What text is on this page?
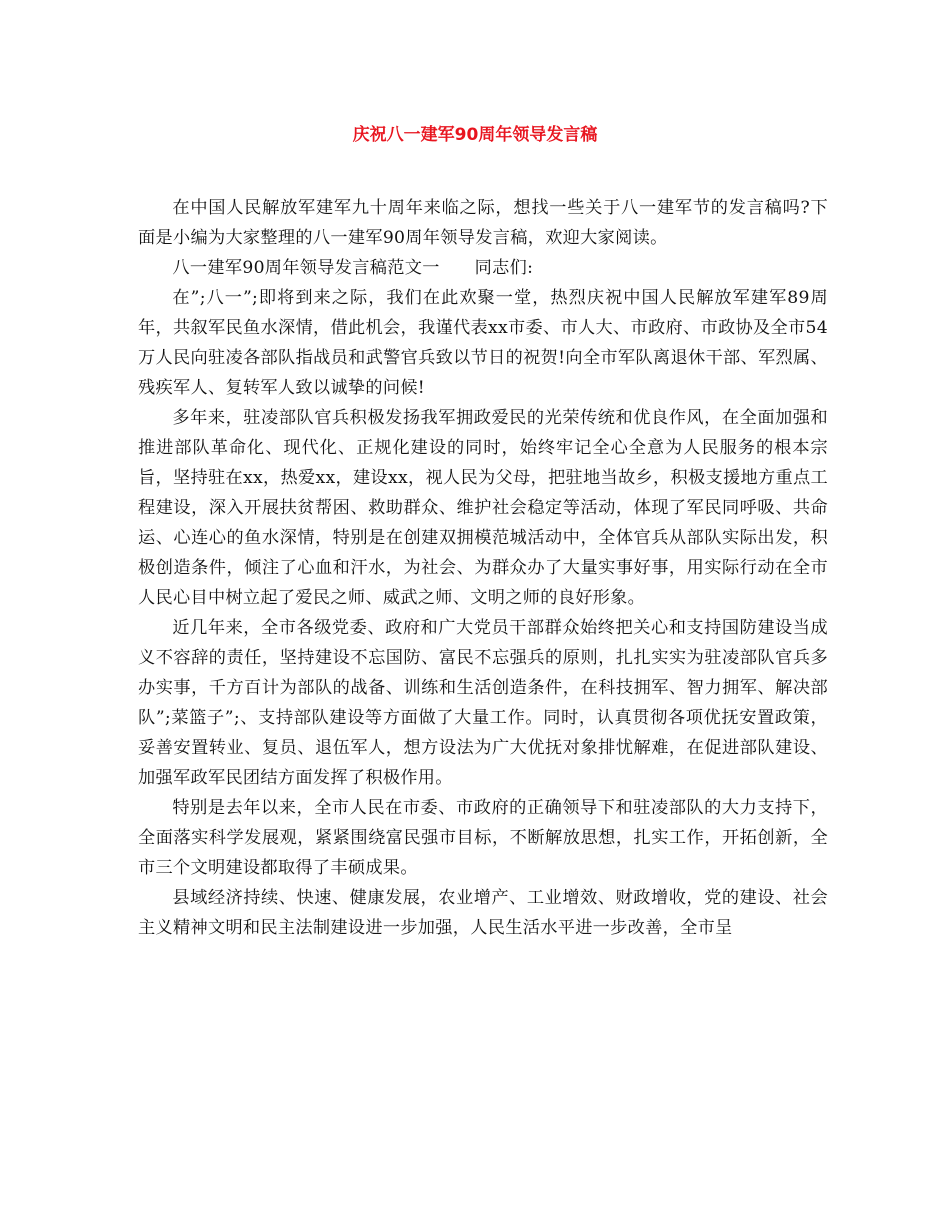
庆祝八一建军90周年领导发言稿

在中国人民解放军建军九十周年来临之际，想找一些关于八一建军节的发言稿吗?下面是小编为大家整理的八一建军90周年领导发言稿，欢迎大家阅读。

八一建军90周年领导发言稿范文一　　同志们:

在”;八一”;即将到来之际，我们在此欢聚一堂，热烈庆祝中国人民解放军建军89周年，共叙军民鱼水深情，借此机会，我谨代表xx市委、市人大、市政府、市政协及全市54万人民向驻凌各部队指战员和武警官兵致以节日的祝贺!向全市军队离退休干部、军烈属、残疾军人、复转军人致以诚挚的问候!

多年来，驻凌部队官兵积极发扬我军拥政爱民的光荣传统和优良作风，在全面加强和推进部队革命化、现代化、正规化建设的同时，始终牢记全心全意为人民服务的根本宗旨，坚持驻在xx，热爱xx，建设xx，视人民为父母，把驻地当故乡，积极支援地方重点工程建设，深入开展扶贫帮困、救助群众、维护社会稳定等活动，体现了军民同呼吸、共命运、心连心的鱼水深情，特别是在创建双拥模范城活动中，全体官兵从部队实际出发，积极创造条件，倾注了心血和汗水，为社会、为群众办了大量实事好事，用实际行动在全市人民心目中树立起了爱民之师、威武之师、文明之师的良好形象。

近几年来，全市各级党委、政府和广大党员干部群众始终把关心和支持国防建设当成义不容辞的责任，坚持建设不忘国防、富民不忘强兵的原则，扎扎实实为驻凌部队官兵多办实事，千方百计为部队的战备、训练和生活创造条件，在科技拥军、智力拥军、解决部队”;菜篮子”;、支持部队建设等方面做了大量工作。同时，认真贯彻各项优抚安置政策，妥善安置转业、复员、退伍军人，想方设法为广大优抚对象排忧解难，在促进部队建设、加强军政军民团结方面发挥了积极作用。

特别是去年以来，全市人民在市委、市政府的正确领导下和驻凌部队的大力支持下，全面落实科学发展观，紧紧围绕富民强市目标，不断解放思想，扎实工作，开拓创新，全市三个文明建设都取得了丰硕成果。

县域经济持续、快速、健康发展，农业增产、工业增效、财政增收，党的建设、社会主义精神文明和民主法制建设进一步加强，人民生活水平进一步改善，全市呈
